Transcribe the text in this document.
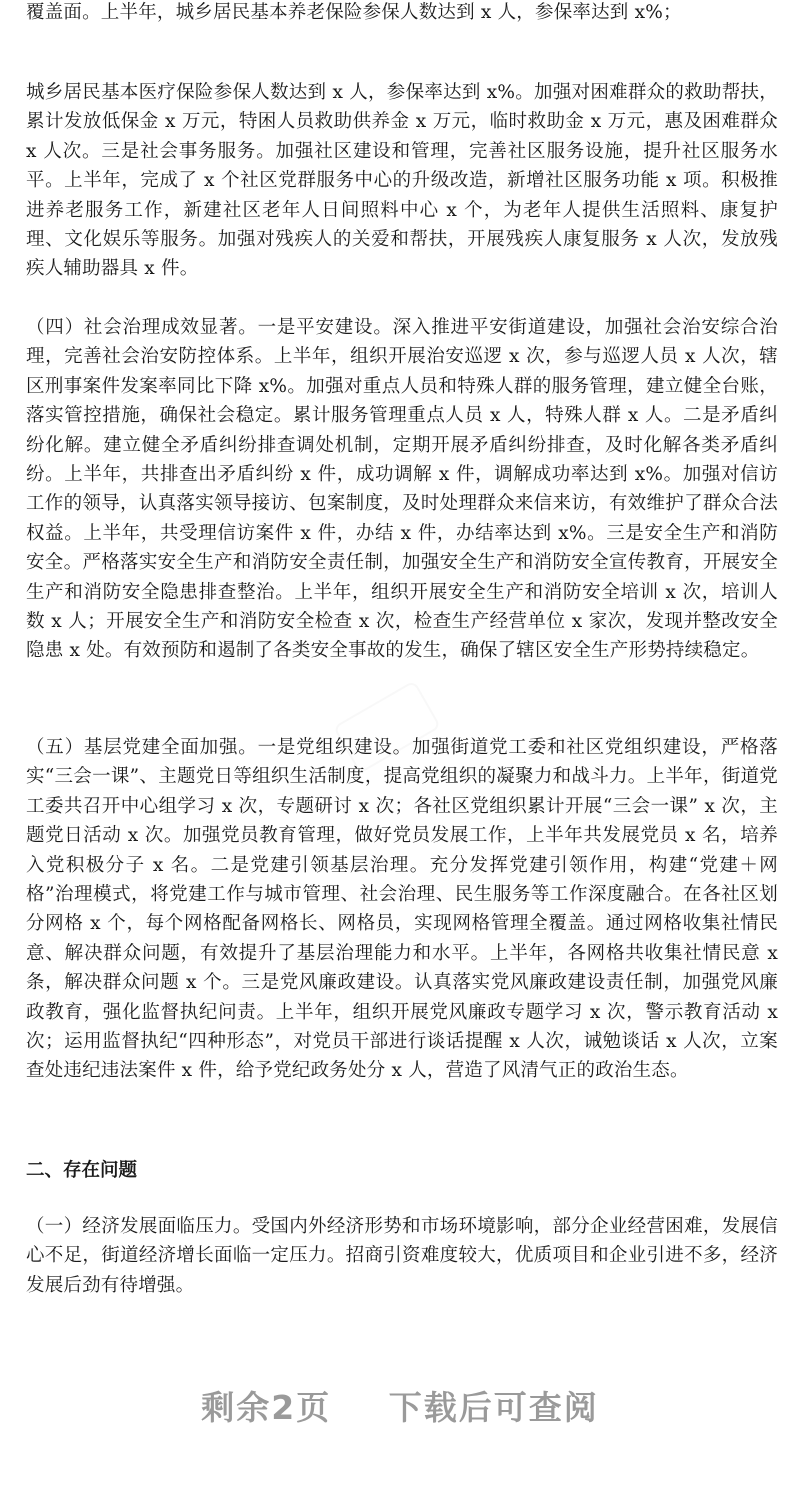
覆盖面。上半年，城乡居民基本养老保险参保人数达到 x 人，参保率达到 x%；

城乡居民基本医疗保险参保人数达到 x 人，参保率达到 x%。加强对困难群众的救助帮扶，累计发放低保金 x 万元，特困人员救助供养金 x 万元，临时救助金 x 万元，惠及困难群众 x 人次。三是社会事务服务。加强社区建设和管理，完善社区服务设施，提升社区服务水平。上半年，完成了 x 个社区党群服务中心的升级改造，新增社区服务功能 x 项。积极推进养老服务工作，新建社区老年人日间照料中心 x 个，为老年人提供生活照料、康复护理、文化娱乐等服务。加强对残疾人的关爱和帮扶，开展残疾人康复服务 x 人次，发放残疾人辅助器具 x 件。

（四）社会治理成效显著。一是平安建设。深入推进平安街道建设，加强社会治安综合治理，完善社会治安防控体系。上半年，组织开展治安巡逻 x 次，参与巡逻人员 x 人次，辖区刑事案件发案率同比下降 x%。加强对重点人员和特殊人群的服务管理，建立健全台账，落实管控措施，确保社会稳定。累计服务管理重点人员 x 人，特殊人群 x 人。二是矛盾纠纷化解。建立健全矛盾纠纷排查调处机制，定期开展矛盾纠纷排查，及时化解各类矛盾纠纷。上半年，共排查出矛盾纠纷 x 件，成功调解 x 件，调解成功率达到 x%。加强对信访工作的领导，认真落实领导接访、包案制度，及时处理群众来信来访，有效维护了群众合法权益。上半年，共受理信访案件 x 件，办结 x 件，办结率达到 x%。三是安全生产和消防安全。严格落实安全生产和消防安全责任制，加强安全生产和消防安全宣传教育，开展安全生产和消防安全隐患排查整治。上半年，组织开展安全生产和消防安全培训 x 次，培训人数 x 人；开展安全生产和消防安全检查 x 次，检查生产经营单位 x 家次，发现并整改安全隐患 x 处。有效预防和遏制了各类安全事故的发生，确保了辖区安全生产形势持续稳定。

（五）基层党建全面加强。一是党组织建设。加强街道党工委和社区党组织建设，严格落实“三会一课”、主题党日等组织生活制度，提高党组织的凝聚力和战斗力。上半年，街道党工委共召开中心组学习 x 次，专题研讨 x 次；各社区党组织累计开展“三会一课” x 次，主题党日活动 x 次。加强党员教育管理，做好党员发展工作，上半年共发展党员 x 名，培养入党积极分子 x 名。二是党建引领基层治理。充分发挥党建引领作用，构建“党建＋网格”治理模式，将党建工作与城市管理、社会治理、民生服务等工作深度融合。在各社区划分网格 x 个，每个网格配备网格长、网格员，实现网格管理全覆盖。通过网格收集社情民意、解决群众问题，有效提升了基层治理能力和水平。上半年，各网格共收集社情民意 x 条，解决群众问题 x 个。三是党风廉政建设。认真落实党风廉政建设责任制，加强党风廉政教育，强化监督执纪问责。上半年，组织开展党风廉政专题学习 x 次，警示教育活动 x 次；运用监督执纪“四种形态”，对党员干部进行谈话提醒 x 人次，诫勉谈话 x 人次，立案查处违纪违法案件 x 件，给予党纪政务处分 x 人，营造了风清气正的政治生态。

二、存在问题

（一）经济发展面临压力。受国内外经济形势和市场环境影响，部分企业经营困难，发展信心不足，街道经济增长面临一定压力。招商引资难度较大，优质项目和企业引进不多，经济发展后劲有待增强。

剩余2页 下载后可查阅
